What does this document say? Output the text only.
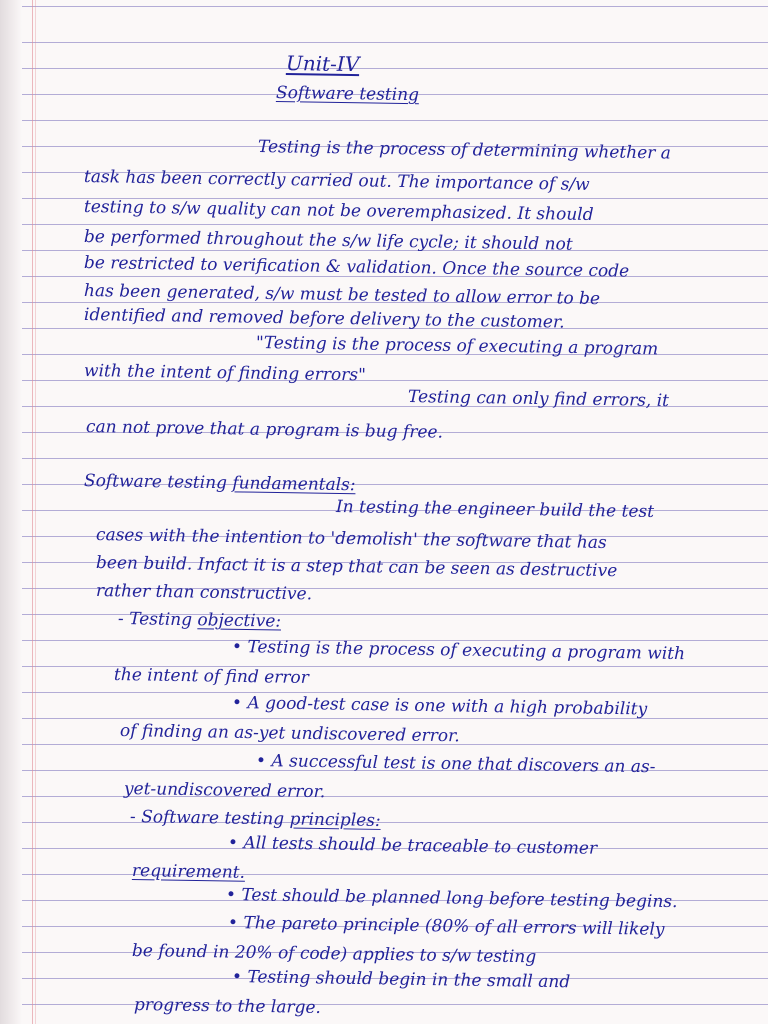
Unit-IV
Software testing
Testing is the process of determining whether a
task has been correctly carried out. The importance of s/w
testing to s/w quality can not be overemphasized. It should
be performed throughout the s/w life cycle; it should not
be restricted to verification & validation. Once the source code
has been generated, s/w must be tested to allow error to be
identified and removed before delivery to the customer.
"Testing is the process of executing a program
with the intent of finding errors"
Testing can only find errors, it
can not prove that a program is bug free.
Software testing fundamentals:
In testing the engineer build the test
cases with the intention to 'demolish' the software that has
been build. Infact it is a step that can be seen as destructive
rather than constructive.
- Testing objective:
• Testing is the process of executing a program with
the intent of find error
• A good-test case is one with a high probability
of finding an as-yet undiscovered error.
• A successful test is one that discovers an as-
yet-undiscovered error.
- Software testing principles:
• All tests should be traceable to customer
requirement.
• Test should be planned long before testing begins.
• The pareto principle (80% of all errors will likely
be found in 20% of code) applies to s/w testing
• Testing should begin in the small and
progress to the large.
